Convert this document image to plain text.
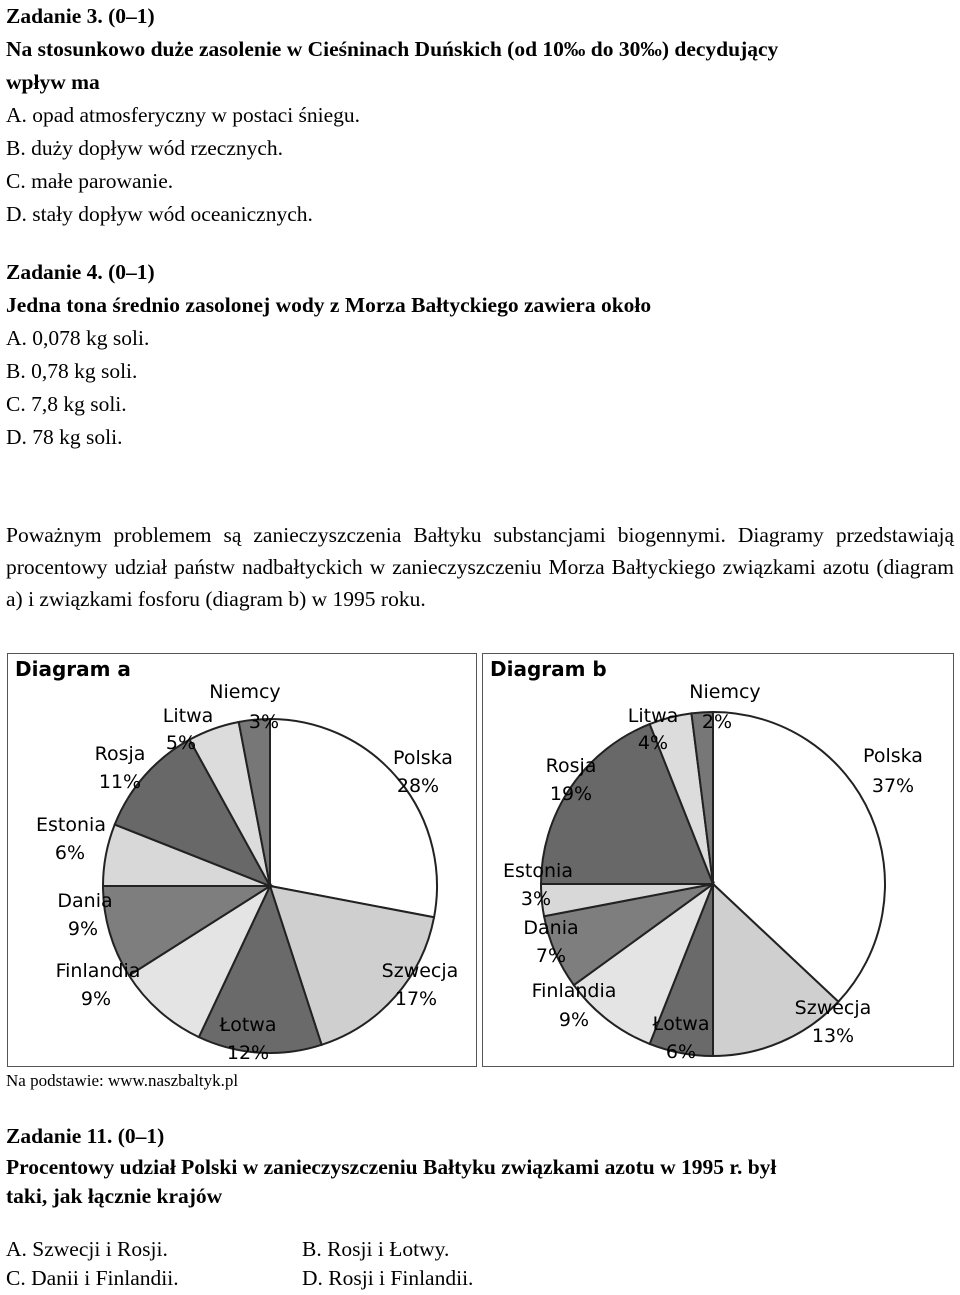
Zadanie 3. (0–1)
Na stosunkowo duże zasolenie w Cieśninach Duńskich (od 10‰ do 30‰) decydujący
wpływ ma
A. opad atmosferyczny w postaci śniegu.
B. duży dopływ wód rzecznych.
C. małe parowanie.
D. stały dopływ wód oceanicznych.
Zadanie 4. (0–1)
Jedna tona średnio zasolonej wody z Morza Bałtyckiego zawiera około
A. 0,078 kg soli.
B. 0,78 kg soli.
C. 7,8 kg soli.
D. 78 kg soli.
Poważnym problemem są zanieczyszczenia Bałtyku substancjami biogennymi. Diagramy przedstawiają procentowy udział państw nadbałtyckich w zanieczyszczeniu Morza Bałtyckiego związkami azotu (diagram a) i związkami fosforu (diagram b) w 1995 roku.
Diagram a
Polska
28%
Szwecja
17%
Łotwa
12%
Finlandia
9%
Dania
9%
Estonia
6%
Rosja
11%
Litwa
5%
Niemcy
3%
Diagram b
Polska
37%
Szwecja
13%
Łotwa
6%
Finlandia
9%
Dania
7%
Estonia
3%
Rosja
19%
Litwa
4%
Niemcy
2%
Na podstawie: www.naszbaltyk.pl
Zadanie 11. (0–1)
Procentowy udział Polski w zanieczyszczeniu Bałtyku związkami azotu w 1995 r. był
taki, jak łącznie krajów
A. Szwecji i Rosji.	B. Rosji i Łotwy.
C. Danii i Finlandii.	D. Rosji i Finlandii.
